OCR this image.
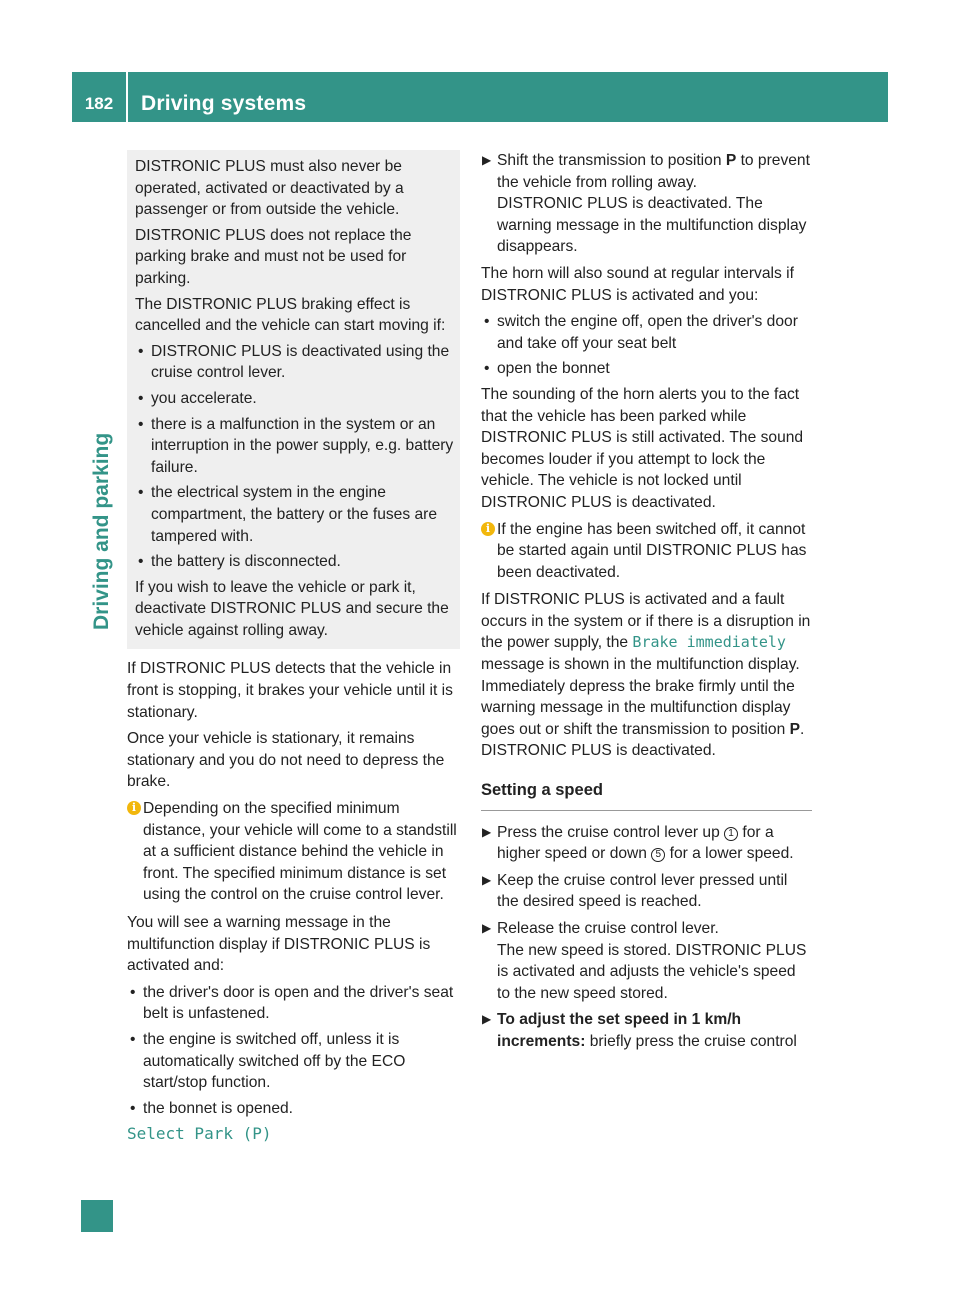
182	Driving systems
Driving and parking

DISTRONIC PLUS must also never be operated, activated or deactivated by a passenger or from outside the vehicle.

DISTRONIC PLUS does not replace the parking brake and must not be used for parking.

The DISTRONIC PLUS braking effect is cancelled and the vehicle can start moving if:

• DISTRONIC PLUS is deactivated using the cruise control lever.
• you accelerate.
• there is a malfunction in the system or an interruption in the power supply, e.g. battery failure.
• the electrical system in the engine compartment, the battery or the fuses are tampered with.
• the battery is disconnected.

If you wish to leave the vehicle or park it, deactivate DISTRONIC PLUS and secure the vehicle against rolling away.

If DISTRONIC PLUS detects that the vehicle in front is stopping, it brakes your vehicle until it is stationary.

Once your vehicle is stationary, it remains stationary and you do not need to depress the brake.

i Depending on the specified minimum distance, your vehicle will come to a standstill at a sufficient distance behind the vehicle in front. The specified minimum distance is set using the control on the cruise control lever.

You will see a warning message in the multifunction display if DISTRONIC PLUS is activated and:

• the driver's door is open and the driver's seat belt is unfastened.
• the engine is switched off, unless it is automatically switched off by the ECO start/stop function.
• the bonnet is opened.
Select Park (P)
▶ Shift the transmission to position P to prevent the vehicle from rolling away.
DISTRONIC PLUS is deactivated. The warning message in the multifunction display disappears.

The horn will also sound at regular intervals if DISTRONIC PLUS is activated and you:

• switch the engine off, open the driver's door and take off your seat belt
• open the bonnet

The sounding of the horn alerts you to the fact that the vehicle has been parked while DISTRONIC PLUS is still activated. The sound becomes louder if you attempt to lock the vehicle. The vehicle is not locked until DISTRONIC PLUS is deactivated.

i If the engine has been switched off, it cannot be started again until DISTRONIC PLUS has been deactivated.

If DISTRONIC PLUS is activated and a fault occurs in the system or if there is a disruption in the power supply, the Brake immediately message is shown in the multifunction display. Immediately depress the brake firmly until the warning message in the multifunction display goes out or shift the transmission to position P. DISTRONIC PLUS is deactivated.

Setting a speed
▶ Press the cruise control lever up 1 for a higher speed or down 5 for a lower speed.
▶ Keep the cruise control lever pressed until the desired speed is reached.
▶ Release the cruise control lever.
The new speed is stored. DISTRONIC PLUS is activated and adjusts the vehicle's speed to the new speed stored.
▶ To adjust the set speed in 1 km/h increments: briefly press the cruise control
